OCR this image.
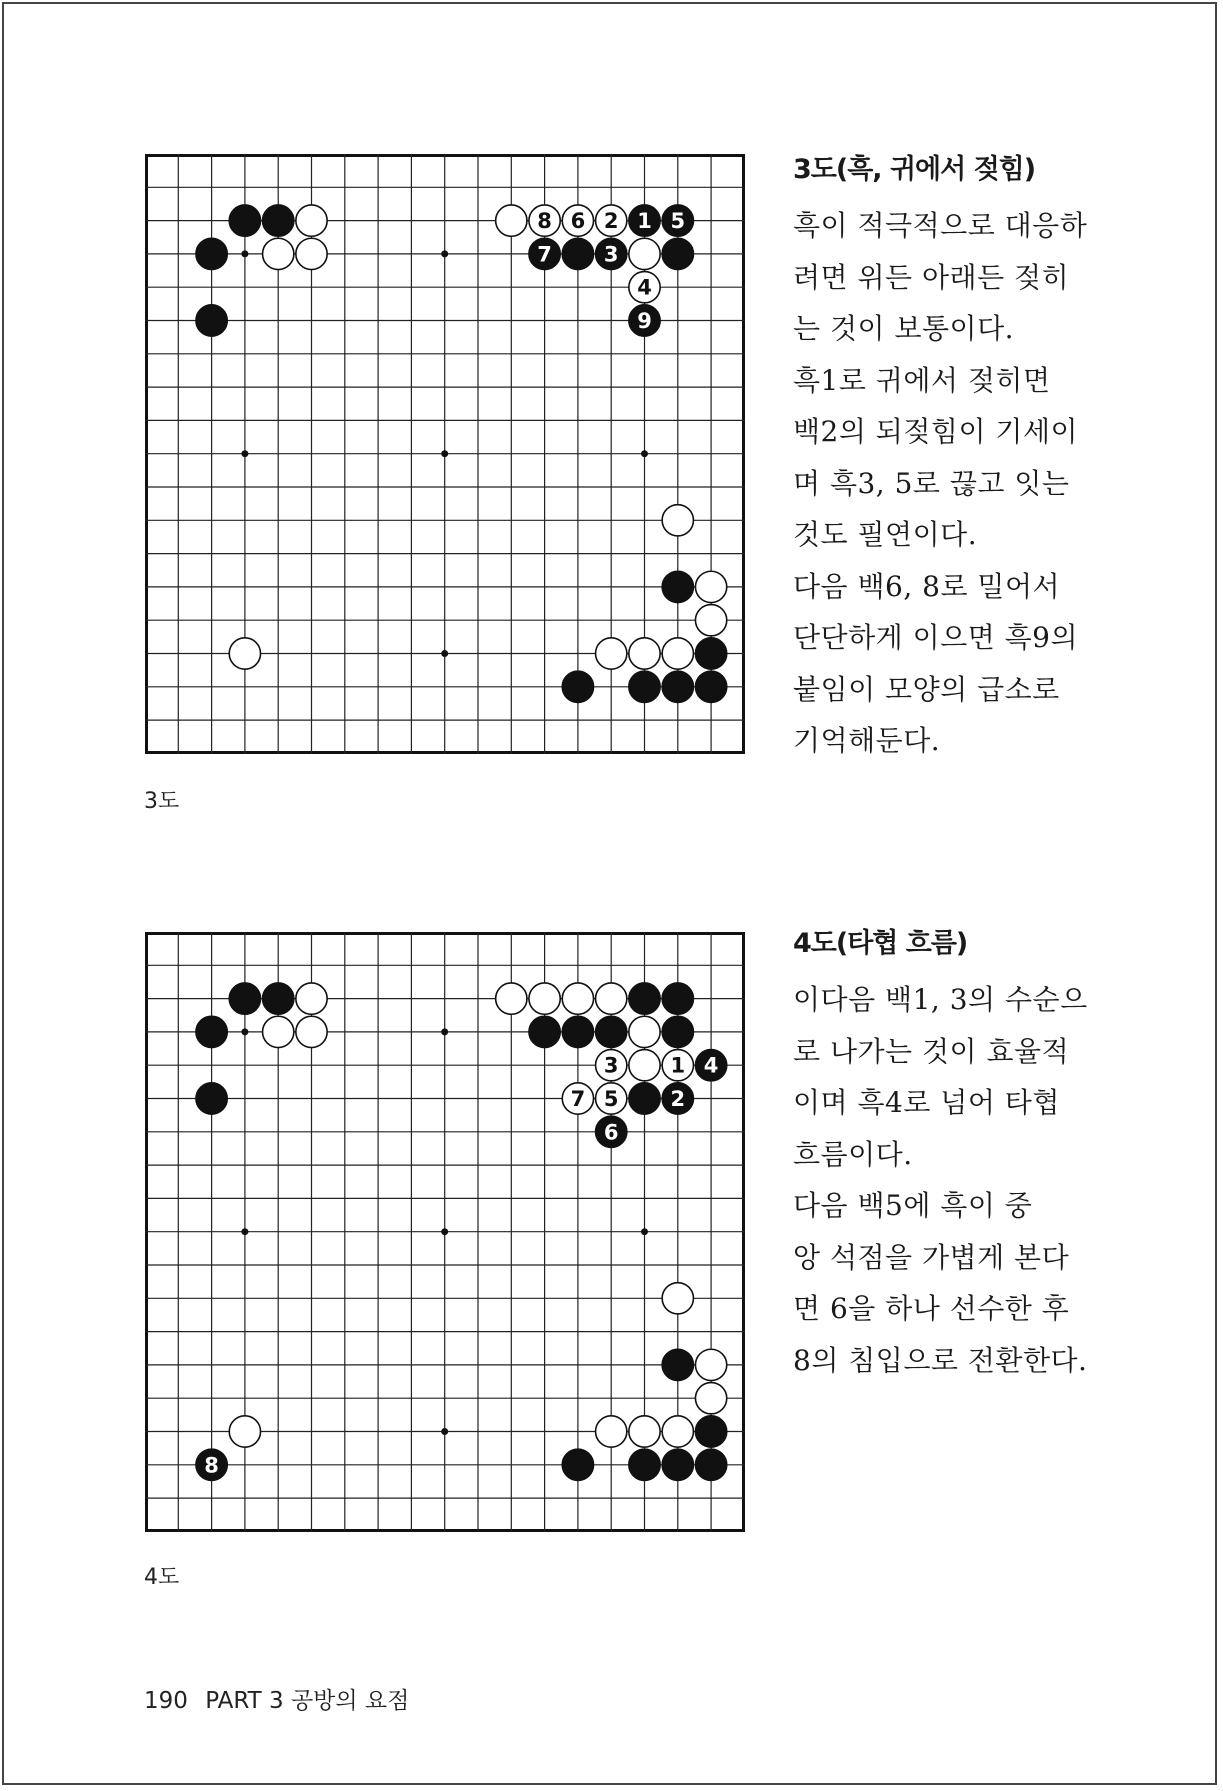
8 6 2 1 5
7 3
4
9
3도
3도(흑, 귀에서 젖힘)
흑이 적극적으로 대응하
려면 위든 아래든 젖히
는 것이 보통이다.
흑1로 귀에서 젖히면
백2의 되젖힘이 기세이
며 흑3, 5로 끊고 잇는
것도 필연이다.
다음 백6, 8로 밀어서
단단하게 이으면 흑9의
붙임이 모양의 급소로
기억해둔다.
3 1 4
7 5 2
6
8
4도
4도(타협 흐름)
이다음 백1, 3의 수순으
로 나가는 것이 효율적
이며 흑4로 넘어 타협
흐름이다.
다음 백5에 흑이 중
앙 석점을 가볍게 본다
면 6을 하나 선수한 후
8의 침입으로 전환한다.
190 PART 3 공방의 요점
